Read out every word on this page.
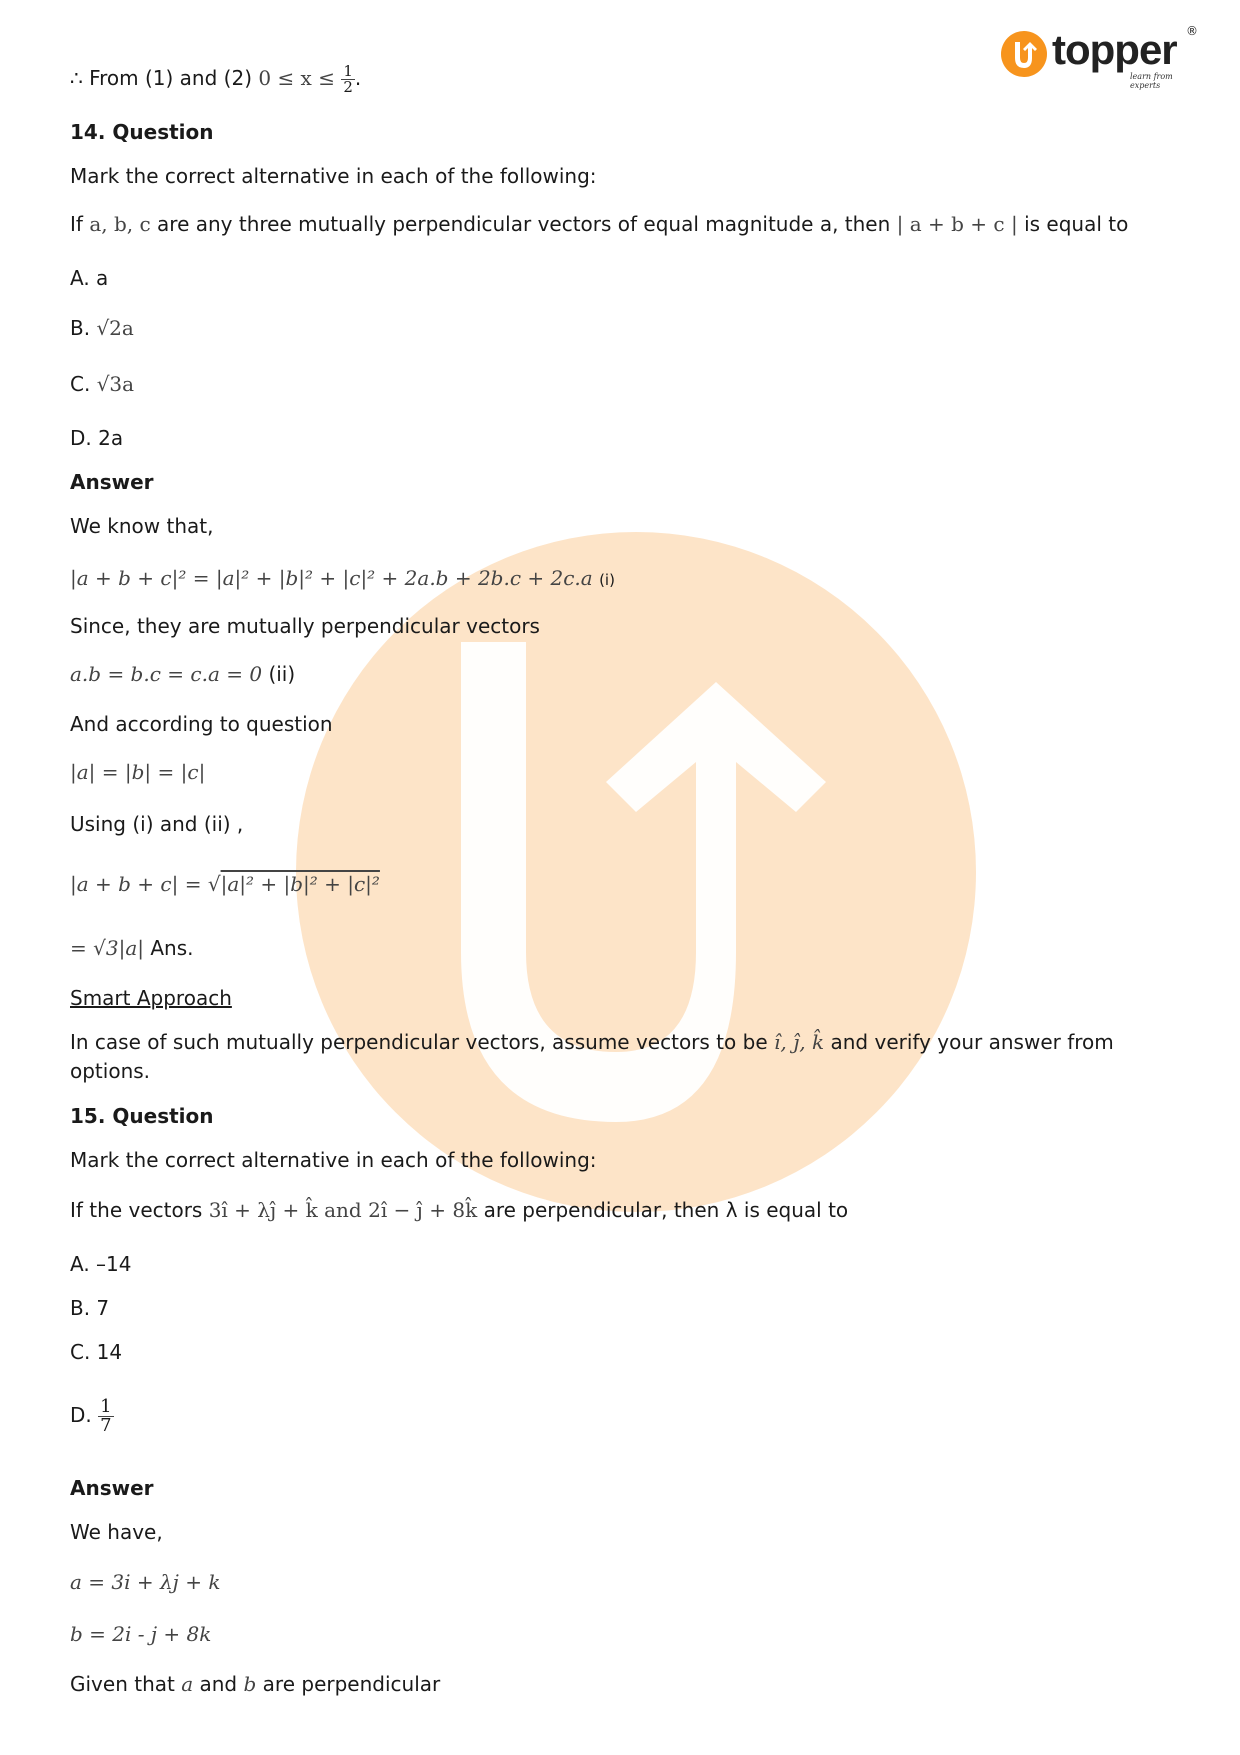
topper ®
learn from experts
∴ From (1) and (2) $0 \le x \le \frac{1}{2}$ .
14. Question
Mark the correct alternative in each of the following:
If a, b, c are any three mutually perpendicular vectors of equal magnitude a, then | a + b + c | is equal to
A. a
B. √2a
C. √3a
D. 2a
Answer
We know that,
|a + b + c|² = |a|² + |b|² + |c|² + 2a.b + 2b.c + 2c.a (i)
Since, they are mutually perpendicular vectors
a.b = b.c = c.a = 0 (ii)
And according to question
|a| = |b| = |c|
Using (i) and (ii) ,
|a + b + c| = √|a|² + |b|² + |c|²
= √3|a| Ans.
Smart Approach
In case of such mutually perpendicular vectors, assume vectors to be î, ĵ, k̂ and verify your answer from
options.
15. Question
Mark the correct alternative in each of the following:
If the vectors 3î + λĵ + k̂ and 2î − ĵ + 8k̂ are perpendicular, then λ is equal to
A. –14
B. 7
C. 14
D. $\frac{1}{7}$
Answer
We have,
a = 3i + λj + k
b = 2i - j + 8k
Given that a and b are perpendicular
